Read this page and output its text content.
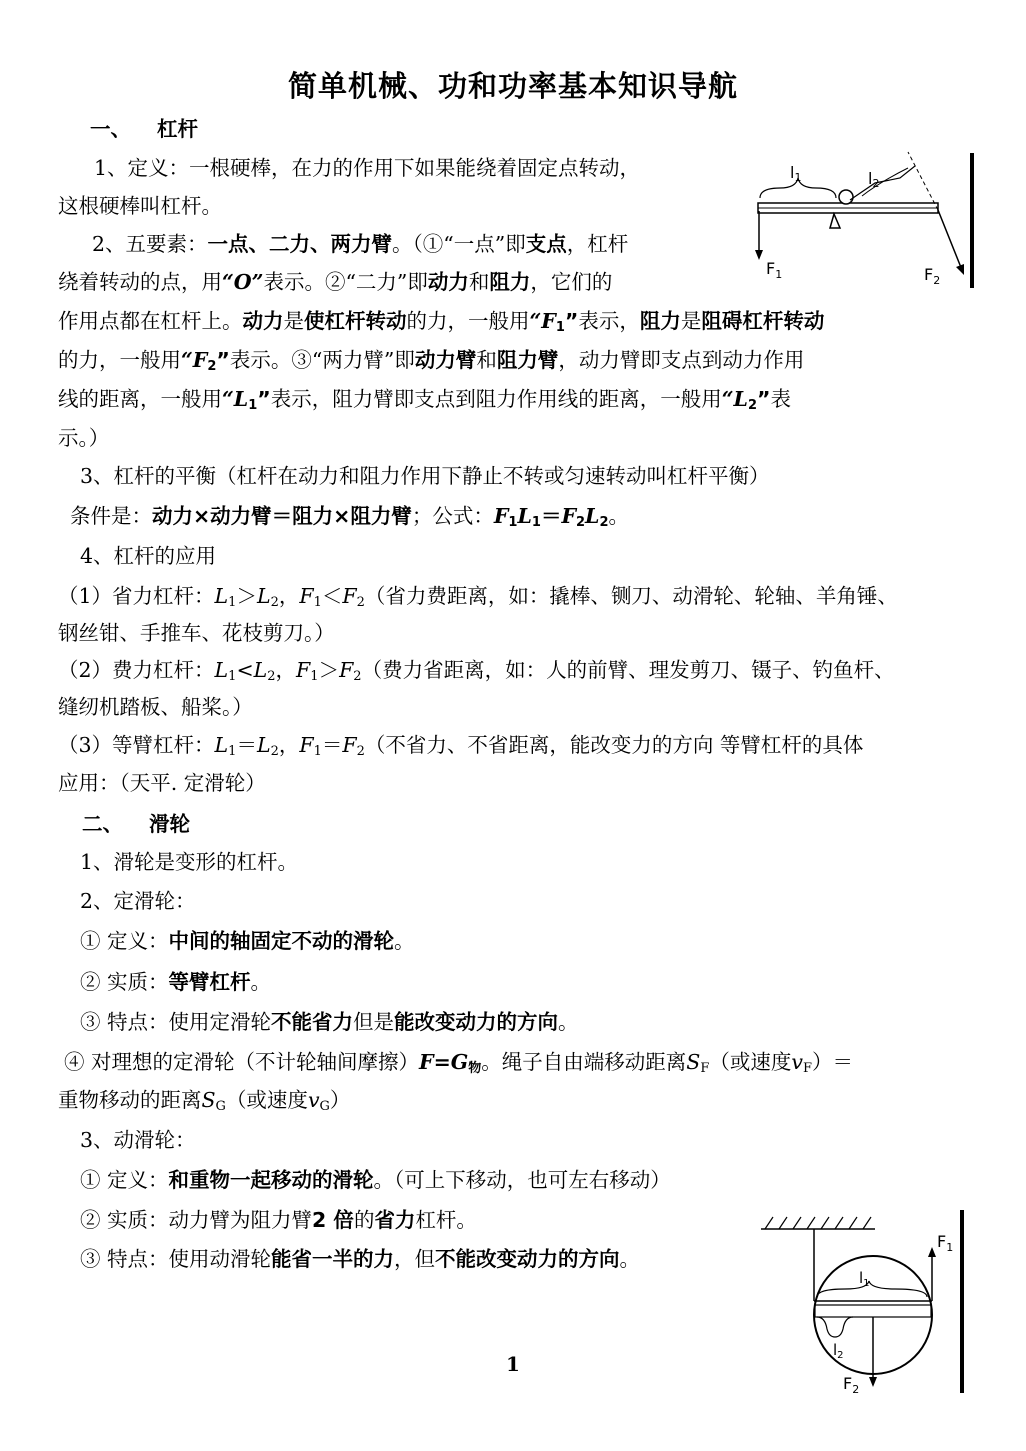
简单机械、功和功率基本知识导航
一、 杠杆
1、定义：一根硬棒，在力的作用下如果能绕着固定点转动，
这根硬棒叫杠杆。
2、五要素：一点、二力、两力臂。（①“一点”即支点，杠杆
绕着转动的点，用“O”表示。②“二力”即动力和阻力，它们的
作用点都在杠杆上。动力是使杠杆转动的力，一般用“$F_1$”表示，阻力是阻碍杠杆转动
的力，一般用“$F_2$”表示。③“两力臂”即动力臂和阻力臂，动力臂即支点到动力作用
线的距离，一般用“$L_1$”表示，阻力臂即支点到阻力作用线的距离，一般用“$L_2$”表
示。）
3、杠杆的平衡（杠杆在动力和阻力作用下静止不转或匀速转动叫杠杆平衡）
条件是：动力×动力臂＝阻力×阻力臂；公式：$F_1L_1=F_2L_2$。
4、杠杆的应用
（1）省力杠杆：$L_1>L_2$，$F_1<F_2$（省力费距离，如：撬棒、铡刀、动滑轮、轮轴、羊角锤、
钢丝钳、手推车、花枝剪刀。）
（2）费力杠杆：$L_1<L_2$，$F_1>F_2$（费力省距离，如：人的前臂、理发剪刀、镊子、钓鱼杆、
缝纫机踏板、船桨。）
（3）等臂杠杆：$L_1=L_2$，$F_1=F_2$（不省力、不省距离，能改变力的方向 等臂杠杆的具体
应用：（天平. 定滑轮）
二、 滑轮
1、滑轮是变形的杠杆。
2、定滑轮：
① 定义：中间的轴固定不动的滑轮。
② 实质：等臂杠杆。
③ 特点：使用定滑轮不能省力但是能改变动力的方向。
④ 对理想的定滑轮（不计轮轴间摩擦）$F=G_物$。绳子自由端移动距离$S_F$（或速度$v_F)=$
重物移动的距离$S_G$（或速度$v_G$）
3、动滑轮：
① 定义：和重物一起移动的滑轮。（可上下移动，也可左右移动）
② 实质：动力臂为阻力臂2 倍的省力杠杆。
③ 特点：使用动滑轮能省一半的力，但不能改变动力的方向。
l1	l2
$F_1$	$F_2$
$l_1$
$l_2$
$F_1$
$F_2$
1
